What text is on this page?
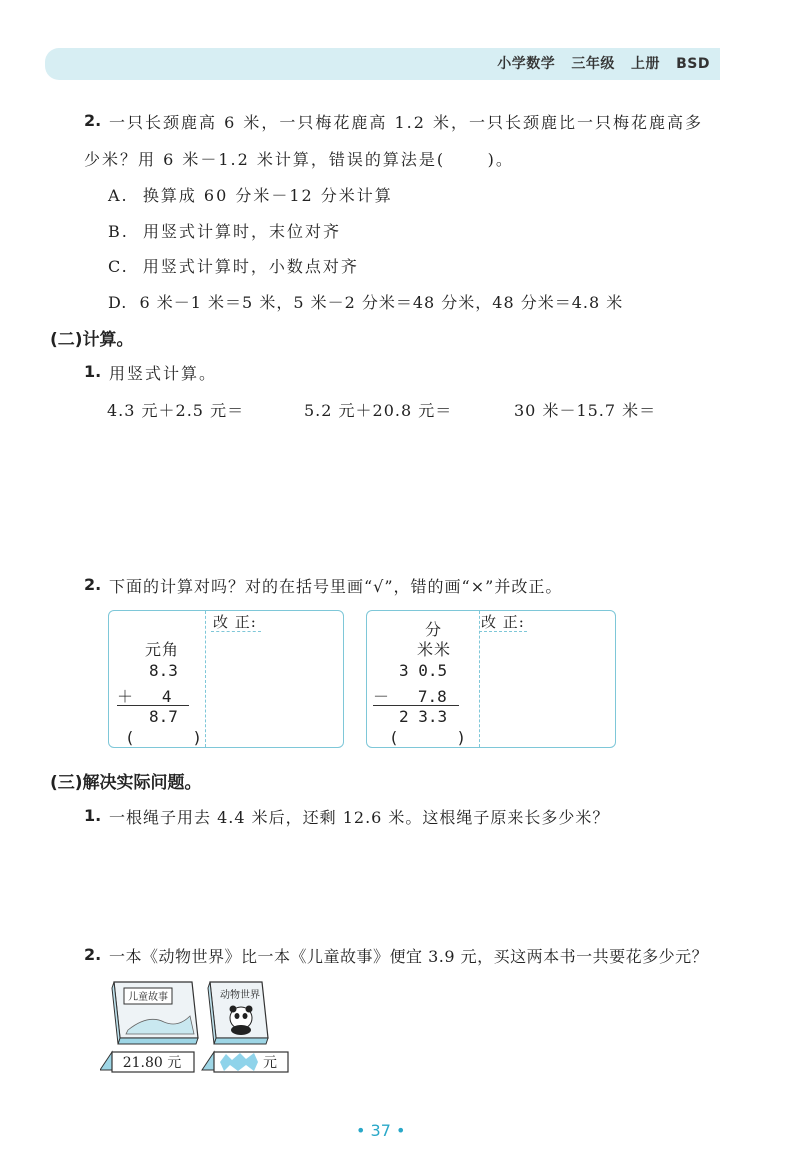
小学数学   三年级   上册   BSD
2. 一只长颈鹿高 6 米，一只梅花鹿高 1.2 米，一只长颈鹿比一只梅花鹿高多
少米？用 6 米－1.2 米计算，错误的算法是(      )。
A.  换算成 60 分米－12 分米计算
B.  用竖式计算时，末位对齐
C.  用竖式计算时，小数点对齐
D.  6 米－1 米＝5 米，5 米－2 分米＝48 分米，48 分米＝4.8 米
(二)计算。
1. 用竖式计算。
4.3 元＋2.5 元＝	5.2 元＋20.8 元＝	30 米－15.7 米＝
2. 下面的计算对吗？对的在括号里画“√”，错的画“×”并改正。
改 正:
元角
8.3
＋   4
8.7
(      )
改 正:
分
米米
3 0.5
－   7.8
2 3.3
(      )
(三)解决实际问题。
1. 一根绳子用去 4.4 米后，还剩 12.6 米。这根绳子原来长多少米？
2. 一本《动物世界》比一本《儿童故事》便宜 3.9 元，买这两本书一共要花多少元？
儿童故事	动物世界
21.80 元	元
• 37 •
